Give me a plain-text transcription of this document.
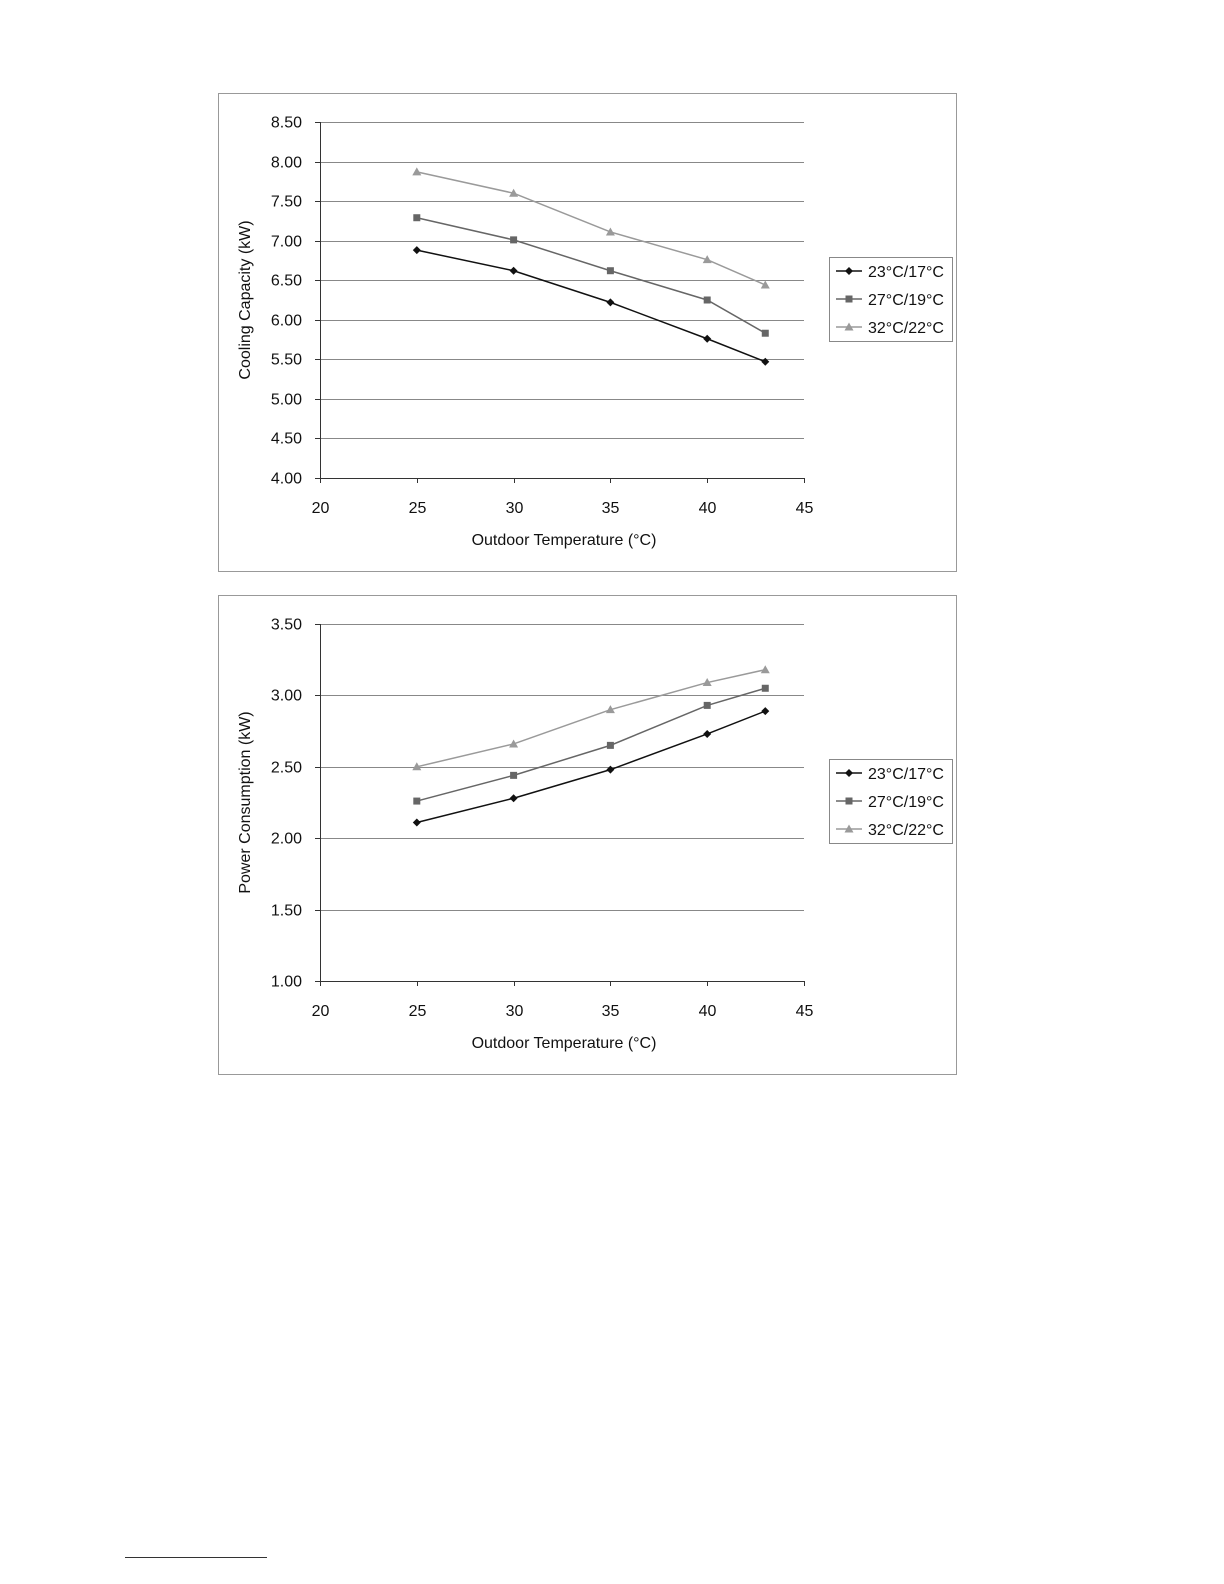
4.00
4.50
5.00
5.50
6.00
6.50
7.00
7.50
8.00
8.50
20	25	30	35	40	45
Outdoor Temperature (°C)
Cooling Capacity (kW)	23°C/17°C
27°C/19°C
32°C/22°C
1.00
1.50
2.00
2.50
3.00
3.50
20	25	30	35	40	45
Outdoor Temperature (°C)
Power Consumption (kW)	23°C/17°C
27°C/19°C
32°C/22°C
